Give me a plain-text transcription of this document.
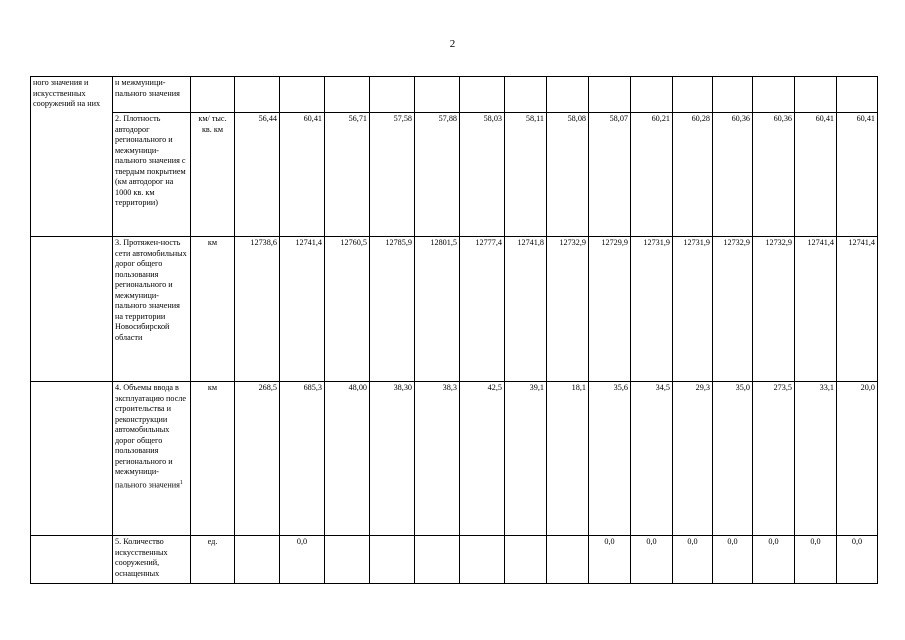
2
ного значения и искусственных сооружений на них	н межмуници-пального значения																
	2. Плотность автодорог регионального и межмуници-пального значения с твердым покрытием (км автодорог на 1000 кв. км территории)	км/ тыс. кв. км	56,44	60,41	56,71	57,58	57,88	58,03	58,11	58,08	58,07	60,21	60,28	60,36	60,36	60,41	60,41
	3. Протяжен-ность сети автомобильных дорог общего пользования регионального и межмуници-пального значения на территории Новосибирской области	км	12738,6	12741,4	12760,5	12785,9	12801,5	12777,4	12741,8	12732,9	12729,9	12731,9	12731,9	12732,9	12732,9	12741,4	12741,4
	4. Объемы ввода в эксплуатацию после строительства и реконструкции автомобильных дорог общего пользования регионального и межмуници-пального значения$^1$	км	268,5	685,3	48,00	38,30	38,3	42,5	39,1	18,1	35,6	34,5	29,3	35,0	273,5	33,1	20,0
	5. Количество искусственных сооружений, оснащенных	ед.		0,0							0,0	0,0	0,0	0,0	0,0	0,0	0,0
